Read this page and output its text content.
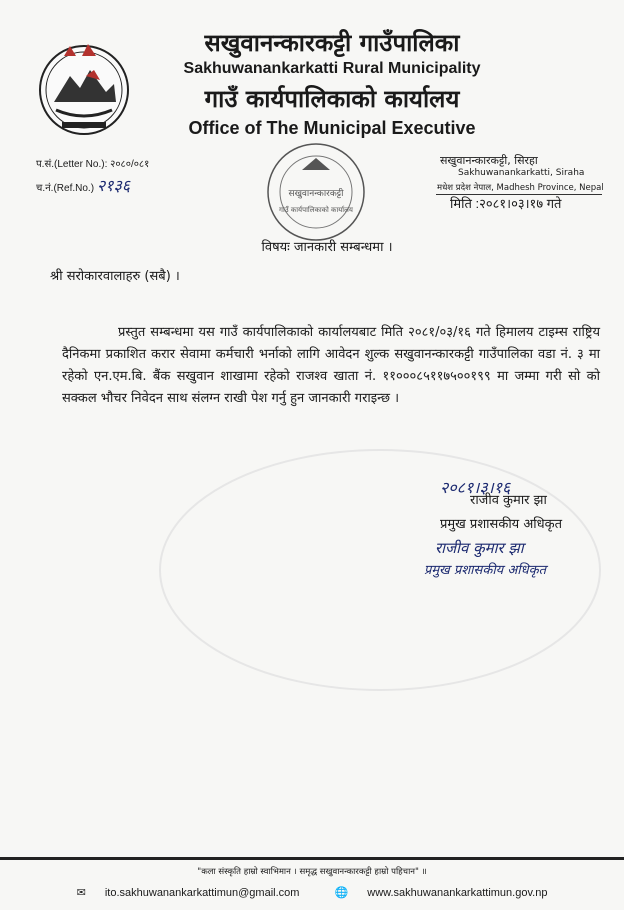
सखुवानन्कारकट्टी गाउँपालिका
Sakhuwanankarkatti Rural Municipality
गाउँ कार्यपालिकाको कार्यालय
Office of The Municipal Executive
प.सं.(Letter No.): २०८०/०८१
च.नं.(Ref.No.) २१३६	सखुवानन्कारकट्टी
गाउँ कार्यपालिकाको कार्यालय
सखुवानन्कारकट्टी, सिरहा
Sakhuwanankarkatti, Siraha
मधेश प्रदेश नेपाल, Madhesh Province, Nepal
मिति :२०८१।०३।१७ गते
विषयः जानकारी सम्बन्धमा ।
श्री सरोकारवालाहरु (सबै) ।
प्रस्तुत सम्बन्धमा यस गाउँ कार्यपालिकाको कार्यालयबाट मिति २०८१/०३/१६ गते हिमालय टाइम्स राष्ट्रिय दैनिकमा प्रकाशित करार सेवामा कर्मचारी भर्नाको लागि आवेदन शुल्क सखुवानन्कारकट्टी गाउँपालिका वडा नं. ३ मा रहेको एन.एम.बि. बैंक सखुवान शाखामा रहेको राजश्व खाता नं. ११०००८५११७५००१९९ मा जम्मा गरी सो को सक्कल भौचर निवेदन साथ संलग्न राखी पेश गर्नु हुन जानकारी गराइन्छ ।
२०८१।३।१६
राजीव कुमार झा
प्रमुख प्रशासकीय अधिकृत
राजीव कुमार झा
प्रमुख प्रशासकीय अधिकृत
"कला संस्कृति हाम्रो स्वाभिमान । समृद्ध सखुवानन्कारकट्टी हाम्रो पहिचान" ॥
✉ ito.sakhuwanankarkattimun@gmail.com	🌐 www.sakhuwanankarkattimun.gov.np
